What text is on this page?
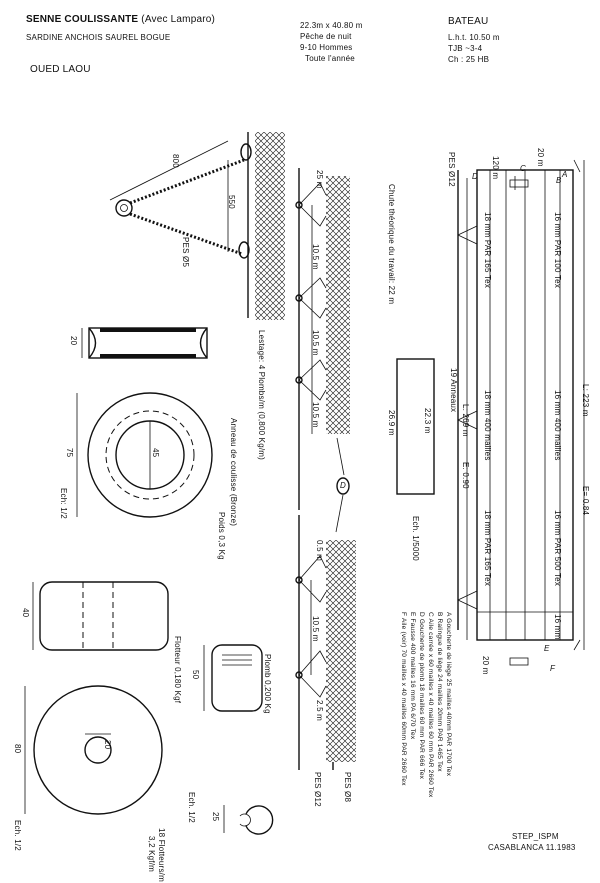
SENNE COULISSANTE (Avec Lamparo)
SARDINE ANCHOIS SAUREL BOGUE
OUED LAOU
22.3m x 40.80 m
Pêche de nuit
9-10 Hommes
Toute l'année
BATEAU
L.h.t. 10.50 m
TJB ~3-4
Ch : 25 HB
800
550
PES Ø5
20
75	45
Ech: 1/2	Anneau de coulisse (Bronze)
Poids 0,3 Kg
Lestage: 4 Plombs/m (0,800 Kg/m)
25 m
10.5 m
10.5 m
10.5 m
D
Chute théorique du travail: 22 m
22.3 m
26.9 m
Ech. 1/5000
0.5 m
10.5 m
2.5 m
PES Ø8
PES Ø12
40
80	20
Ech. 1/2
Flotteur 0,180 Kgf
18 Flotteurs/m
3,2 Kgf/m
50	Plomb 0,200 Kg
25
Ech. 1/2
PES Ø12	20 m
120 m	C
D	A
B
E
F
L: 223 m
L: 269 m
E: 0.90
E= 0.84
19 Anneaux
18 mm PAR 165 Tex	16 mm PAR 100 Tex
18 mm 400 mailles	16 mm 400 mailles
18 mm PAR 165 Tex	16 mm PAR 500 Tex
16 mm
20 m
A Goucherte de liège 25 mailles 40mm PAR 1700 Tex
B Ralingue de liège 24 mailles 20mm PAR 1465 Tex
C Aile carrée x 60 mailles x 40 mailles 60 mm PAR 2660 Tex
D Goucherte de plomb 18 mailles 60 mm PAR 666 Tex
E Fausse 400 mailles 16 mm PA 6/70 Tex
F Aile (voir) 70 mailles x 40 mailles 60mm PAR 2660 Tex
STEP_ISPM
CASABLANCA 11.1983
